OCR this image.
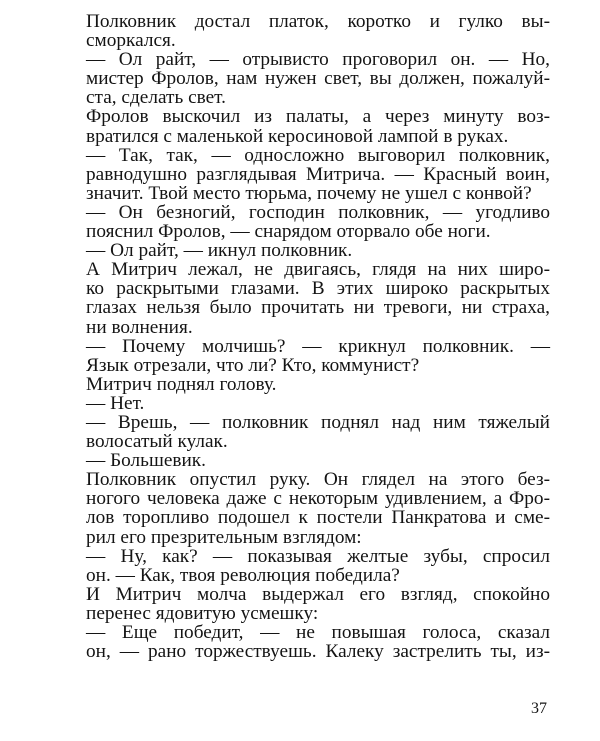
Полковник достал платок, коротко и гулко вы-
сморкался.
— Ол райт, — отрывисто проговорил он. — Но,
мистер Фролов, нам нужен свет, вы должен, пожалуй-
ста, сделать свет.
Фролов выскочил из палаты, а через минуту воз-
вратился с маленькой керосиновой лампой в руках.
— Так, так, — односложно выговорил полковник,
равнодушно разглядывая Митрича. — Красный воин,
значит. Твой место тюрьма, почему не ушел с конвой?
— Он безногий, господин полковник, — угодливо
пояснил Фролов, — снарядом оторвало обе ноги.
— Ол райт, — икнул полковник.
А Митрич лежал, не двигаясь, глядя на них широ-
ко раскрытыми глазами. В этих широко раскрытых
глазах нельзя было прочитать ни тревоги, ни страха,
ни волнения.
— Почему молчишь? — крикнул полковник. —
Язык отрезали, что ли? Кто, коммунист?
Митрич поднял голову.
— Нет.
— Врешь, — полковник поднял над ним тяжелый
волосатый кулак.
— Большевик.
Полковник опустил руку. Он глядел на этого без-
ногого человека даже с некоторым удивлением, а Фро-
лов торопливо подошел к постели Панкратова и сме-
рил его презрительным взглядом:
— Ну, как? — показывая желтые зубы, спросил
он. — Как, твоя революция победила?
И Митрич молча выдержал его взгляд, спокойно
перенес ядовитую усмешку:
— Еще победит, — не повышая голоса, сказал
он, — рано торжествуешь. Калеку застрелить ты, из-
37
